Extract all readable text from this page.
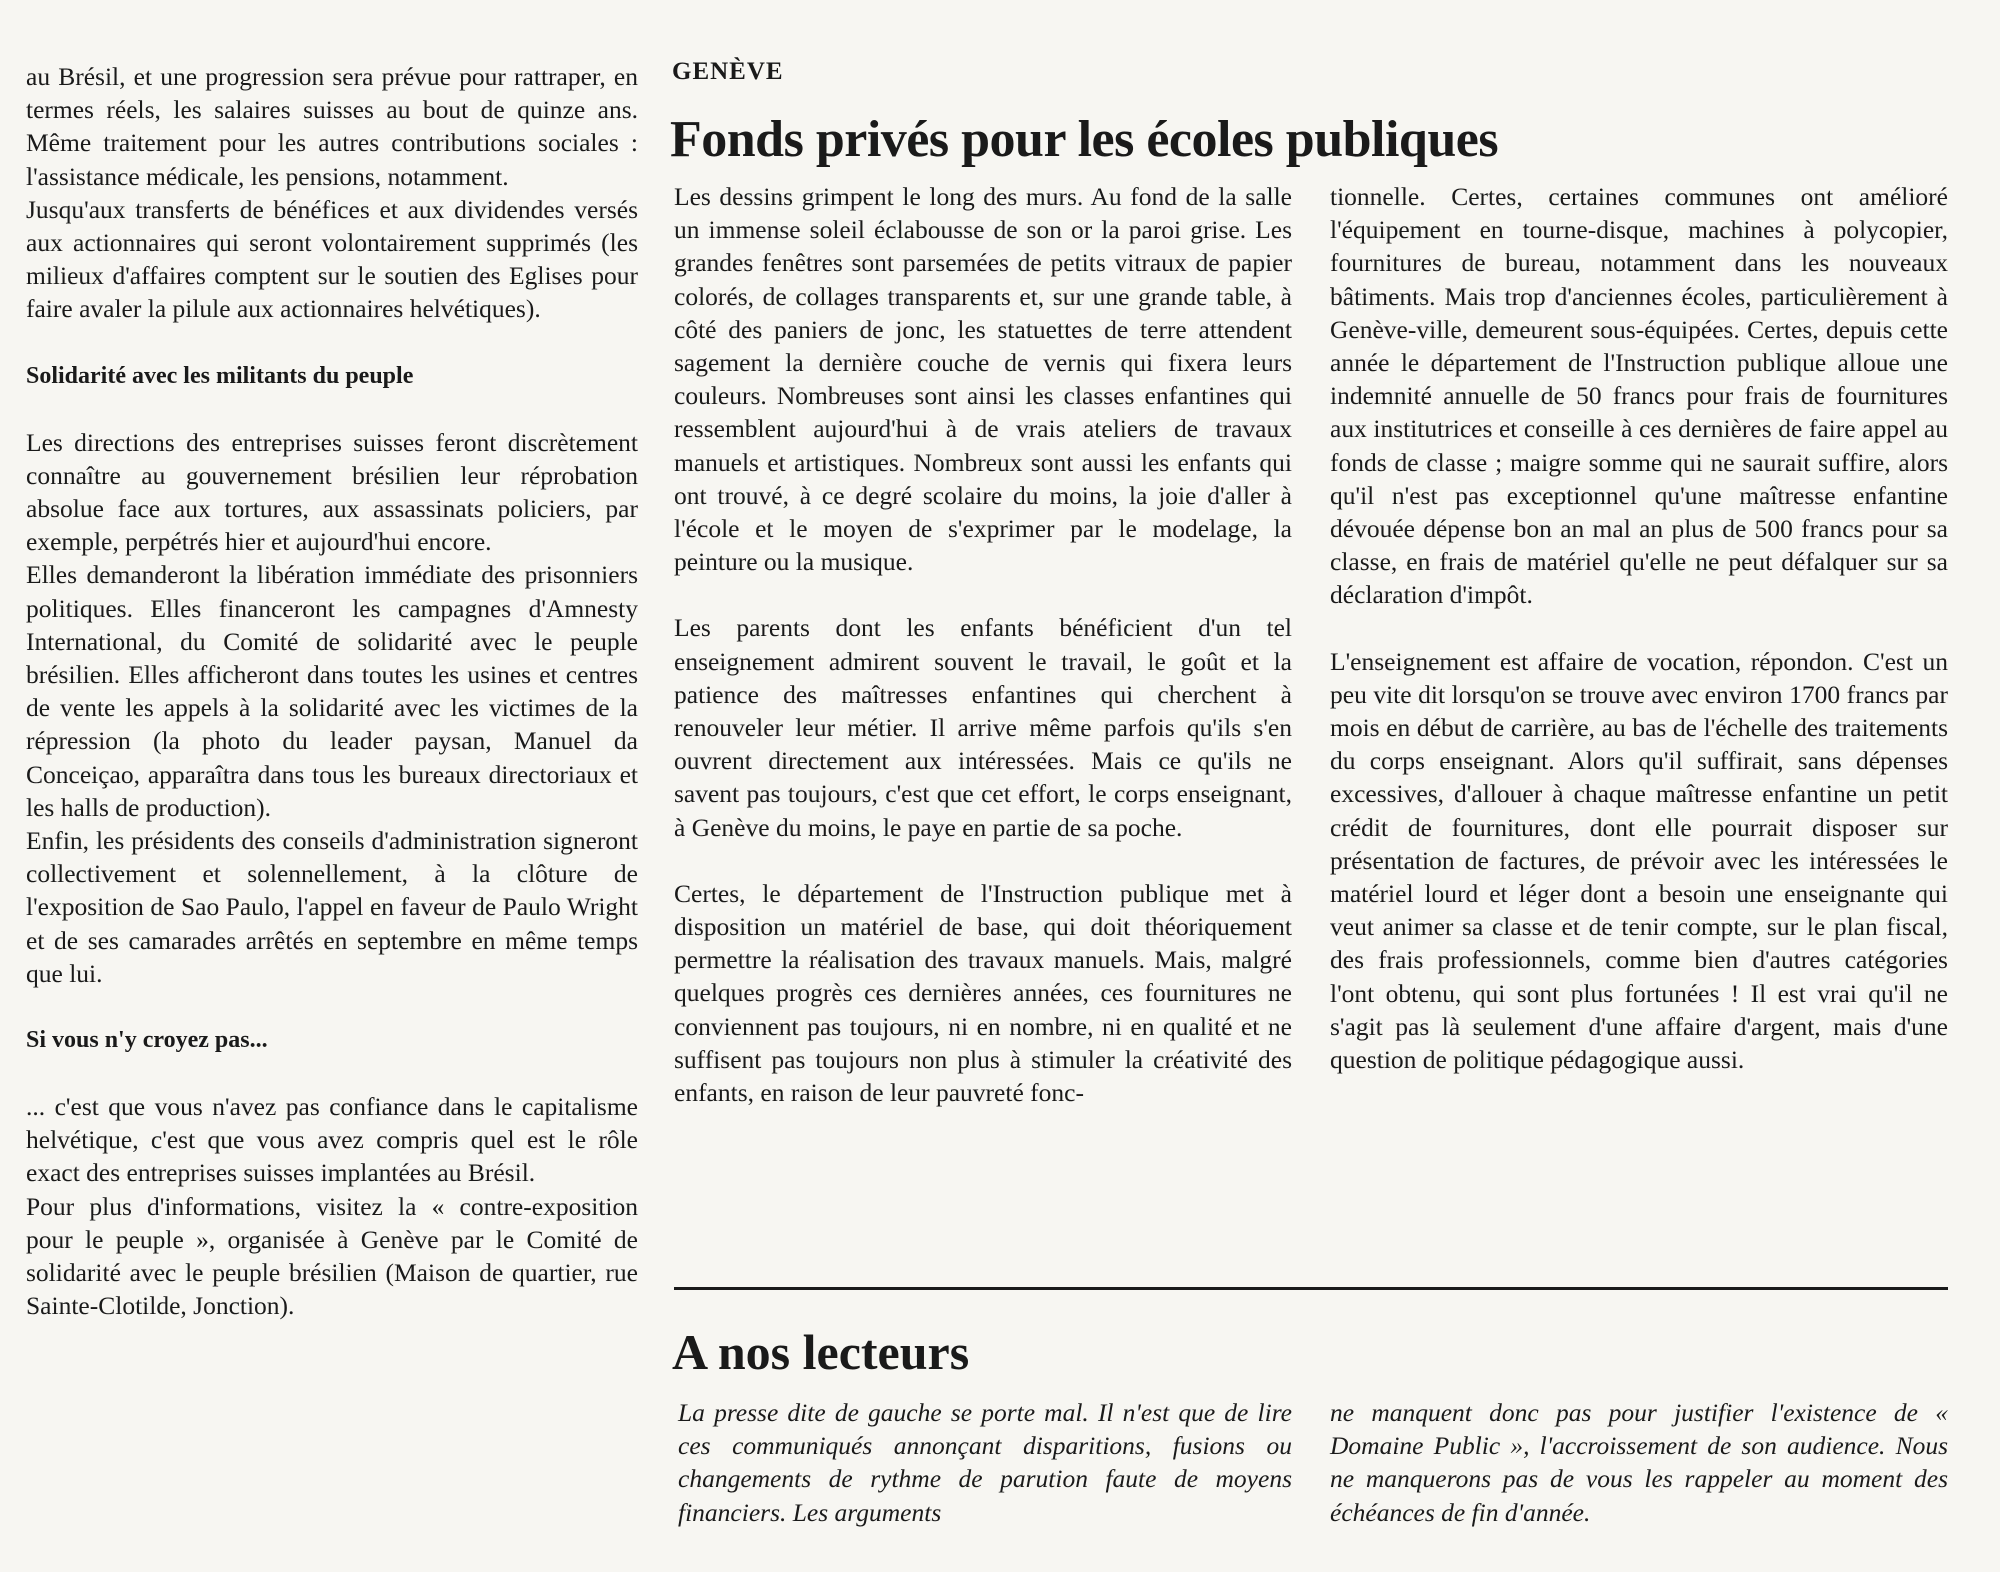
au Brésil, et une progression sera prévue pour rattraper, en termes réels, les salaires suisses au bout de quinze ans. Même traitement pour les autres contributions sociales : l'assistance médicale, les pensions, notamment.

Jusqu'aux transferts de bénéfices et aux dividendes versés aux actionnaires qui seront volontairement supprimés (les milieux d'affaires comptent sur le soutien des Eglises pour faire avaler la pilule aux actionnaires helvétiques).

Solidarité avec les militants du peuple

Les directions des entreprises suisses feront discrètement connaître au gouvernement brésilien leur réprobation absolue face aux tortures, aux assassinats policiers, par exemple, perpétrés hier et aujourd'hui encore.

Elles demanderont la libération immédiate des prisonniers politiques. Elles financeront les campagnes d'Amnesty International, du Comité de solidarité avec le peuple brésilien. Elles afficheront dans toutes les usines et centres de vente les appels à la solidarité avec les victimes de la répression (la photo du leader paysan, Manuel da Conceiçao, apparaîtra dans tous les bureaux directoriaux et les halls de production).

Enfin, les présidents des conseils d'administration signeront collectivement et solennellement, à la clôture de l'exposition de Sao Paulo, l'appel en faveur de Paulo Wright et de ses camarades arrêtés en septembre en même temps que lui.

Si vous n'y croyez pas...

... c'est que vous n'avez pas confiance dans le capitalisme helvétique, c'est que vous avez compris quel est le rôle exact des entreprises suisses implantées au Brésil.

Pour plus d'informations, visitez la « contre-exposition pour le peuple », organisée à Genève par le Comité de solidarité avec le peuple brésilien (Maison de quartier, rue Sainte-Clotilde, Jonction).

GENÈVE
Fonds privés pour les écoles publiques

Les dessins grimpent le long des murs. Au fond de la salle un immense soleil éclabousse de son or la paroi grise. Les grandes fenêtres sont parsemées de petits vitraux de papier colorés, de collages transparents et, sur une grande table, à côté des paniers de jonc, les statuettes de terre attendent sagement la dernière couche de vernis qui fixera leurs couleurs. Nombreuses sont ainsi les classes enfantines qui ressemblent aujourd'hui à de vrais ateliers de travaux manuels et artistiques. Nombreux sont aussi les enfants qui ont trouvé, à ce degré scolaire du moins, la joie d'aller à l'école et le moyen de s'exprimer par le modelage, la peinture ou la musique.

Les parents dont les enfants bénéficient d'un tel enseignement admirent souvent le travail, le goût et la patience des maîtresses enfantines qui cherchent à renouveler leur métier. Il arrive même parfois qu'ils s'en ouvrent directement aux intéressées. Mais ce qu'ils ne savent pas toujours, c'est que cet effort, le corps enseignant, à Genève du moins, le paye en partie de sa poche.

Certes, le département de l'Instruction publique met à disposition un matériel de base, qui doit théoriquement permettre la réalisation des travaux manuels. Mais, malgré quelques progrès ces dernières années, ces fournitures ne conviennent pas toujours, ni en nombre, ni en qualité et ne suffisent pas toujours non plus à stimuler la créativité des enfants, en raison de leur pauvreté fonc-

tionnelle. Certes, certaines communes ont amélioré l'équipement en tourne-disque, machines à polycopier, fournitures de bureau, notamment dans les nouveaux bâtiments. Mais trop d'anciennes écoles, particulièrement à Genève-ville, demeurent sous-équipées. Certes, depuis cette année le département de l'Instruction publique alloue une indemnité annuelle de 50 francs pour frais de fournitures aux institutrices et conseille à ces dernières de faire appel au fonds de classe ; maigre somme qui ne saurait suffire, alors qu'il n'est pas exceptionnel qu'une maîtresse enfantine dévouée dépense bon an mal an plus de 500 francs pour sa classe, en frais de matériel qu'elle ne peut défalquer sur sa déclaration d'impôt.

L'enseignement est affaire de vocation, répondon. C'est un peu vite dit lorsqu'on se trouve avec environ 1700 francs par mois en début de carrière, au bas de l'échelle des traitements du corps enseignant. Alors qu'il suffirait, sans dépenses excessives, d'allouer à chaque maîtresse enfantine un petit crédit de fournitures, dont elle pourrait disposer sur présentation de factures, de prévoir avec les intéressées le matériel lourd et léger dont a besoin une enseignante qui veut animer sa classe et de tenir compte, sur le plan fiscal, des frais professionnels, comme bien d'autres catégories l'ont obtenu, qui sont plus fortunées ! Il est vrai qu'il ne s'agit pas là seulement d'une affaire d'argent, mais d'une question de politique pédagogique aussi.

A nos lecteurs

La presse dite de gauche se porte mal. Il n'est que de lire ces communiqués annonçant disparitions, fusions ou changements de rythme de parution faute de moyens financiers. Les arguments

ne manquent donc pas pour justifier l'existence de « Domaine Public », l'accroissement de son audience. Nous ne manquerons pas de vous les rappeler au moment des échéances de fin d'année.
